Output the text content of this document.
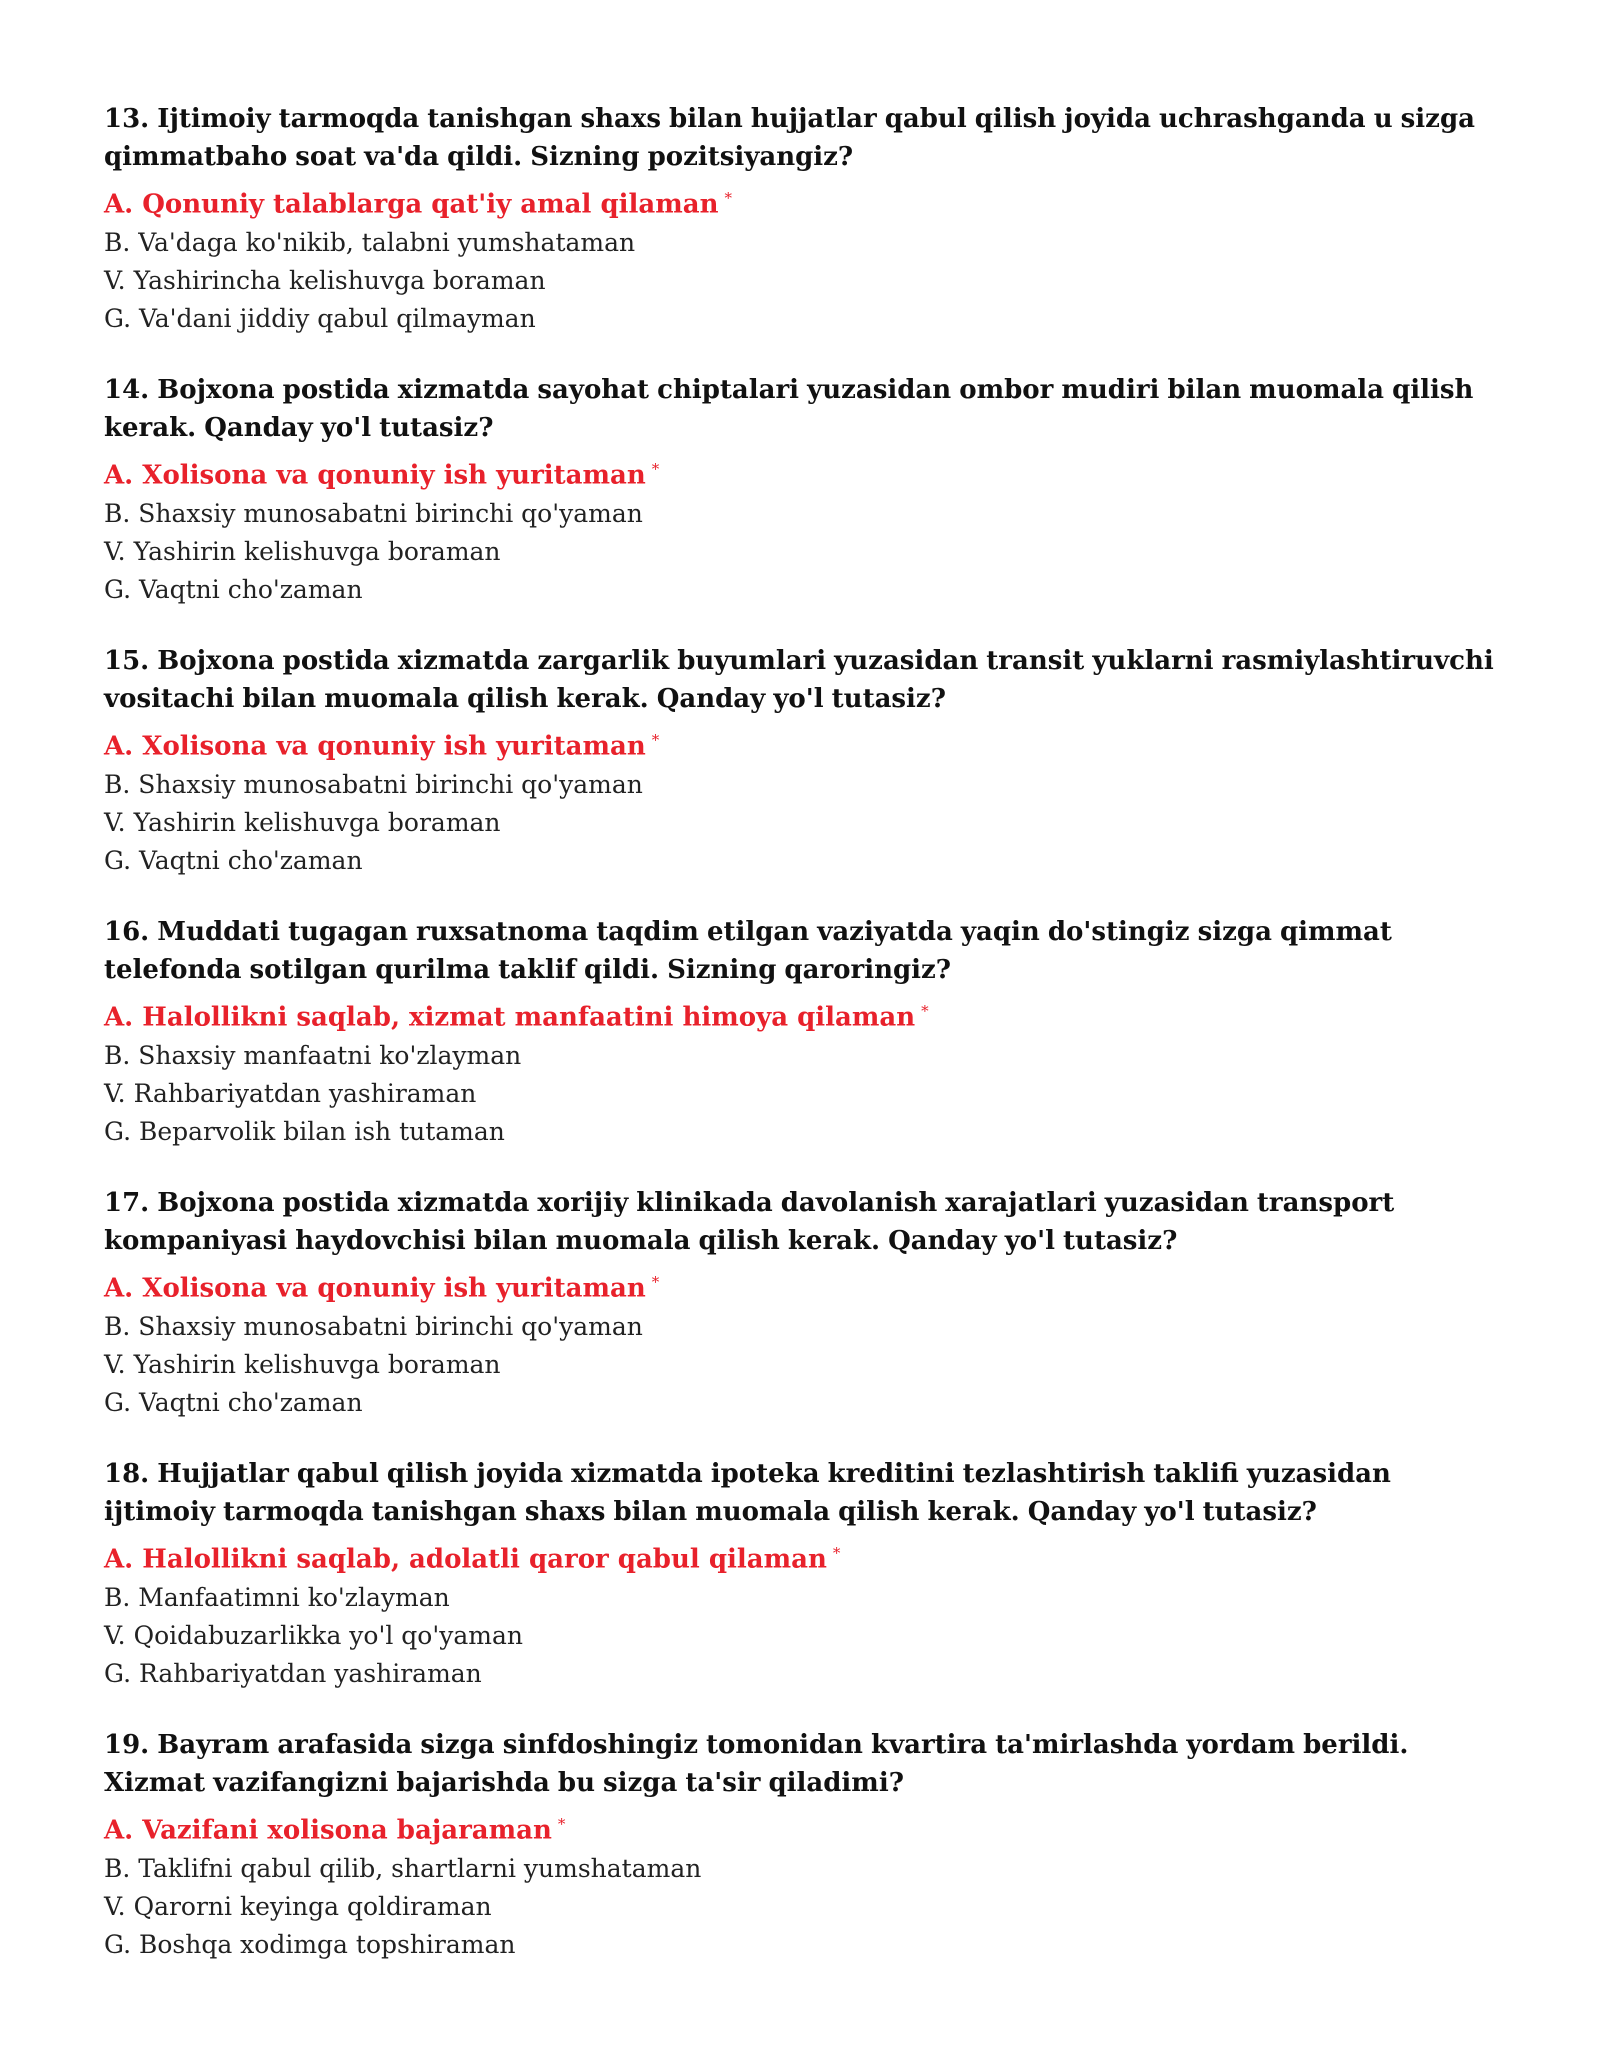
13. Ijtimoiy tarmoqda tanishgan shaxs bilan hujjatlar qabul qilish joyida uchrashganda u sizga qimmatbaho soat va'da qildi. Sizning pozitsiyangiz?

A. Qonuniy talablarga qat'iy amal qilaman *

B. Va'daga ko'nikib, talabni yumshataman

V. Yashirincha kelishuvga boraman

G. Va'dani jiddiy qabul qilmayman

14. Bojxona postida xizmatda sayohat chiptalari yuzasidan ombor mudiri bilan muomala qilish kerak. Qanday yo'l tutasiz?

A. Xolisona va qonuniy ish yuritaman *

B. Shaxsiy munosabatni birinchi qo'yaman

V. Yashirin kelishuvga boraman

G. Vaqtni cho'zaman

15. Bojxona postida xizmatda zargarlik buyumlari yuzasidan transit yuklarni rasmiylashtiruvchi vositachi bilan muomala qilish kerak. Qanday yo'l tutasiz?

A. Xolisona va qonuniy ish yuritaman *

B. Shaxsiy munosabatni birinchi qo'yaman

V. Yashirin kelishuvga boraman

G. Vaqtni cho'zaman

16. Muddati tugagan ruxsatnoma taqdim etilgan vaziyatda yaqin do'stingiz sizga qimmat telefonda sotilgan qurilma taklif qildi. Sizning qaroringiz?

A. Halollikni saqlab, xizmat manfaatini himoya qilaman *

B. Shaxsiy manfaatni ko'zlayman

V. Rahbariyatdan yashiraman

G. Beparvolik bilan ish tutaman

17. Bojxona postida xizmatda xorijiy klinikada davolanish xarajatlari yuzasidan transport kompaniyasi haydovchisi bilan muomala qilish kerak. Qanday yo'l tutasiz?

A. Xolisona va qonuniy ish yuritaman *

B. Shaxsiy munosabatni birinchi qo'yaman

V. Yashirin kelishuvga boraman

G. Vaqtni cho'zaman

18. Hujjatlar qabul qilish joyida xizmatda ipoteka kreditini tezlashtirish taklifi yuzasidan ijtimoiy tarmoqda tanishgan shaxs bilan muomala qilish kerak. Qanday yo'l tutasiz?

A. Halollikni saqlab, adolatli qaror qabul qilaman *

B. Manfaatimni ko'zlayman

V. Qoidabuzarlikka yo'l qo'yaman

G. Rahbariyatdan yashiraman

19. Bayram arafasida sizga sinfdoshingiz tomonidan kvartira ta'mirlashda yordam berildi. Xizmat vazifangizni bajarishda bu sizga ta'sir qiladimi?

A. Vazifani xolisona bajaraman *

B. Taklifni qabul qilib, shartlarni yumshataman

V. Qarorni keyinga qoldiraman

G. Boshqa xodimga topshiraman
